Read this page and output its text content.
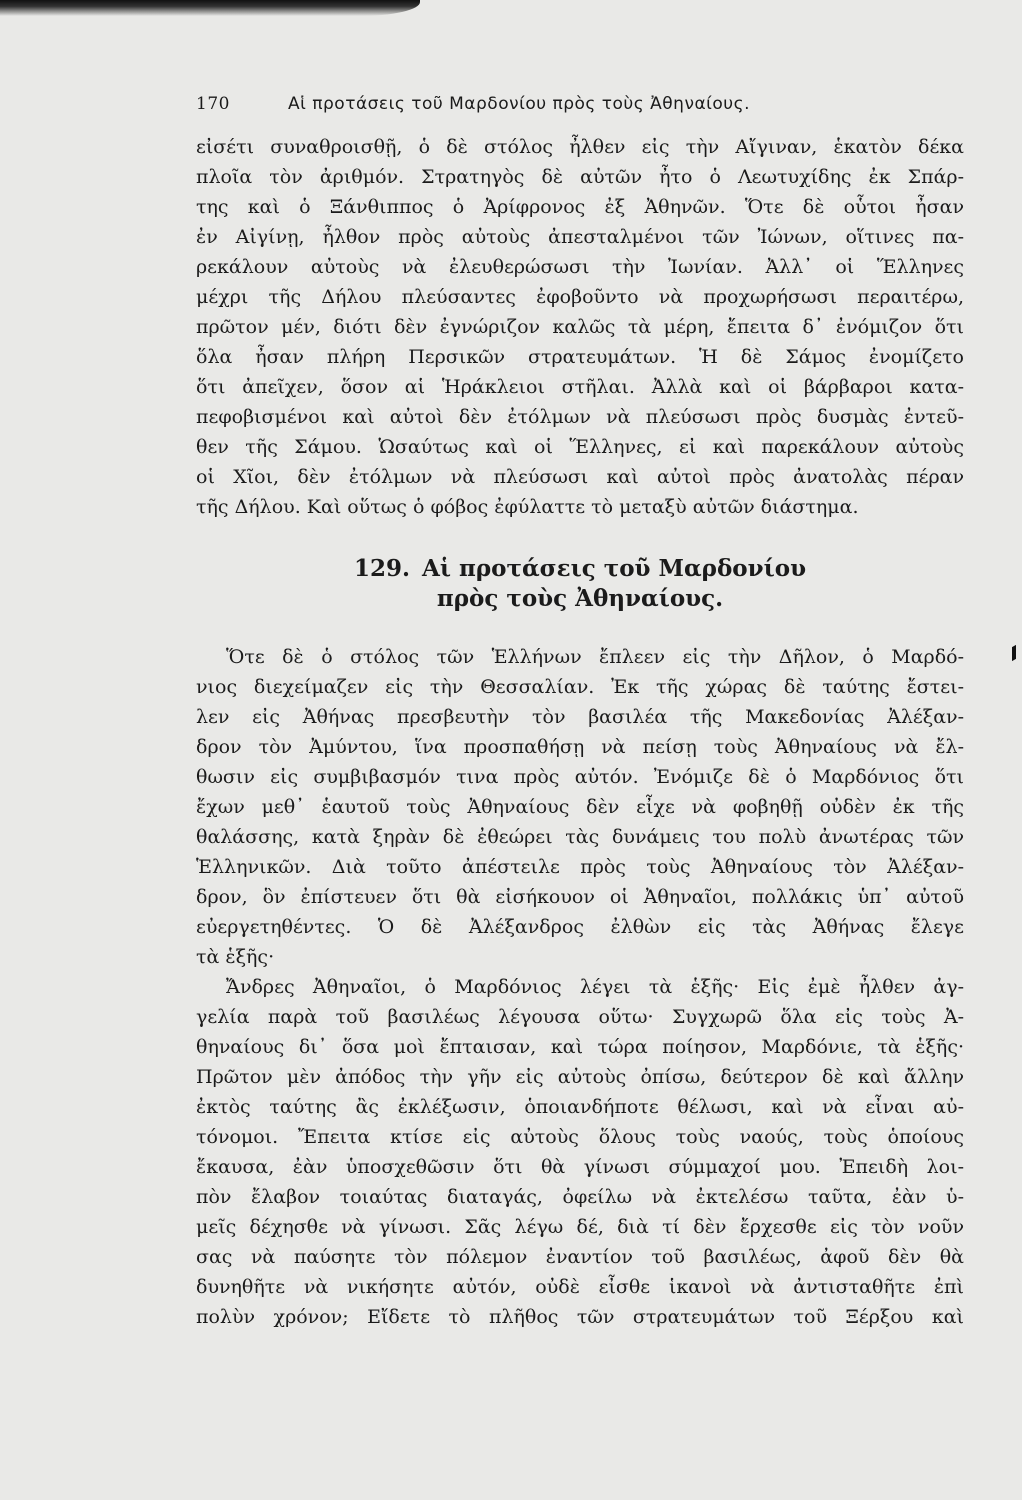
170	Αἱ προτάσεις τοῦ Μαρδονίου πρὸς τοὺς Ἀθηναίους.
εἰσέτι συναθροισθῇ, ὁ δὲ στόλος ἦλθεν εἰς τὴν Αἴγιναν, ἑκατὸν δέκα
πλοῖα τὸν ἀριθμόν. Στρατηγὸς δὲ αὐτῶν ἦτο ὁ Λεωτυχίδης ἐκ Σπάρ-
της καὶ ὁ Ξάνθιππος ὁ Ἀρίφρονος ἐξ Ἀθηνῶν. Ὅτε δὲ οὗτοι ἦσαν
ἐν Αἰγίνῃ, ἦλθον πρὸς αὐτοὺς ἀπεσταλμένοι τῶν Ἰώνων, οἵτινες πα-
ρεκάλουν αὐτοὺς νὰ ἐλευθερώσωσι τὴν Ἰωνίαν. Ἀλλ᾿ οἱ Ἕλληνες
μέχρι τῆς Δήλου πλεύσαντες ἐφοβοῦντο νὰ προχωρήσωσι περαιτέρω,
πρῶτον μέν, διότι δὲν ἐγνώριζον καλῶς τὰ μέρη, ἔπειτα δ᾿ ἐνόμιζον ὅτι
ὅλα ἦσαν πλήρη Περσικῶν στρατευμάτων. Ἡ δὲ Σάμος ἐνομίζετο
ὅτι ἀπεῖχεν, ὅσον αἱ Ἡράκλειοι στῆλαι. Ἀλλὰ καὶ οἱ βάρβαροι κατα-
πεφοβισμένοι καὶ αὐτοὶ δὲν ἐτόλμων νὰ πλεύσωσι πρὸς δυσμὰς ἐντεῦ-
θεν τῆς Σάμου. Ὡσαύτως καὶ οἱ Ἕλληνες, εἰ καὶ παρεκάλουν αὐτοὺς
οἱ Χῖοι, δὲν ἐτόλμων νὰ πλεύσωσι καὶ αὐτοὶ πρὸς ἀνατολὰς πέραν
τῆς Δήλου. Καὶ οὕτως ὁ φόβος ἐφύλαττε τὸ μεταξὺ αὐτῶν διάστημα.
129. Αἱ προτάσεις τοῦ Μαρδονίου
πρὸς τοὺς Ἀθηναίους.
Ὅτε δὲ ὁ στόλος τῶν Ἑλλήνων ἔπλεεν εἰς τὴν Δῆλον, ὁ Μαρδό-
νιος διεχείμαζεν εἰς τὴν Θεσσαλίαν. Ἐκ τῆς χώρας δὲ ταύτης ἔστει-
λεν εἰς Ἀθήνας πρεσβευτὴν τὸν βασιλέα τῆς Μακεδονίας Ἀλέξαν-
δρον τὸν Ἀμύντου, ἵνα προσπαθήσῃ νὰ πείσῃ τοὺς Ἀθηναίους νὰ ἔλ-
θωσιν εἰς συμβιβασμόν τινα πρὸς αὐτόν. Ἐνόμιζε δὲ ὁ Μαρδόνιος ὅτι
ἔχων μεθ᾿ ἑαυτοῦ τοὺς Ἀθηναίους δὲν εἶχε νὰ φοβηθῇ οὐδὲν ἐκ τῆς
θαλάσσης, κατὰ ξηρὰν δὲ ἐθεώρει τὰς δυνάμεις του πολὺ ἀνωτέρας τῶν
Ἑλληνικῶν. Διὰ τοῦτο ἀπέστειλε πρὸς τοὺς Ἀθηναίους τὸν Ἀλέξαν-
δρον, ὃν ἐπίστευεν ὅτι θὰ εἰσήκουον οἱ Ἀθηναῖοι, πολλάκις ὑπ᾿ αὐτοῦ
εὐεργετηθέντες. Ὁ δὲ Ἀλέξανδρος ἐλθὼν εἰς τὰς Ἀθήνας ἔλεγε
τὰ ἑξῆς·
Ἄνδρες Ἀθηναῖοι, ὁ Μαρδόνιος λέγει τὰ ἑξῆς· Εἰς ἐμὲ ἦλθεν ἀγ-
γελία παρὰ τοῦ βασιλέως λέγουσα οὕτω· Συγχωρῶ ὅλα εἰς τοὺς Ἀ-
θηναίους δι᾿ ὅσα μοὶ ἔπταισαν, καὶ τώρα ποίησον, Μαρδόνιε, τὰ ἑξῆς·
Πρῶτον μὲν ἀπόδος τὴν γῆν εἰς αὐτοὺς ὀπίσω, δεύτερον δὲ καὶ ἄλλην
ἐκτὸς ταύτης ἂς ἐκλέξωσιν, ὁποιανδήποτε θέλωσι, καὶ νὰ εἶναι αὐ-
τόνομοι. Ἔπειτα κτίσε εἰς αὐτοὺς ὅλους τοὺς ναούς, τοὺς ὁποίους
ἔκαυσα, ἐὰν ὑποσχεθῶσιν ὅτι θὰ γίνωσι σύμμαχοί μου. Ἐπειδὴ λοι-
πὸν ἔλαβον τοιαύτας διαταγάς, ὀφείλω νὰ ἐκτελέσω ταῦτα, ἐὰν ὑ-
μεῖς δέχησθε νὰ γίνωσι. Σᾶς λέγω δέ, διὰ τί δὲν ἔρχεσθε εἰς τὸν νοῦν
σας νὰ παύσητε τὸν πόλεμον ἐναντίον τοῦ βασιλέως, ἀφοῦ δὲν θὰ
δυνηθῆτε νὰ νικήσητε αὐτόν, οὐδὲ εἶσθε ἱκανοὶ νὰ ἀντισταθῆτε ἐπὶ
πολὺν χρόνον; Εἴδετε τὸ πλῆθος τῶν στρατευμάτων τοῦ Ξέρξου καὶ
